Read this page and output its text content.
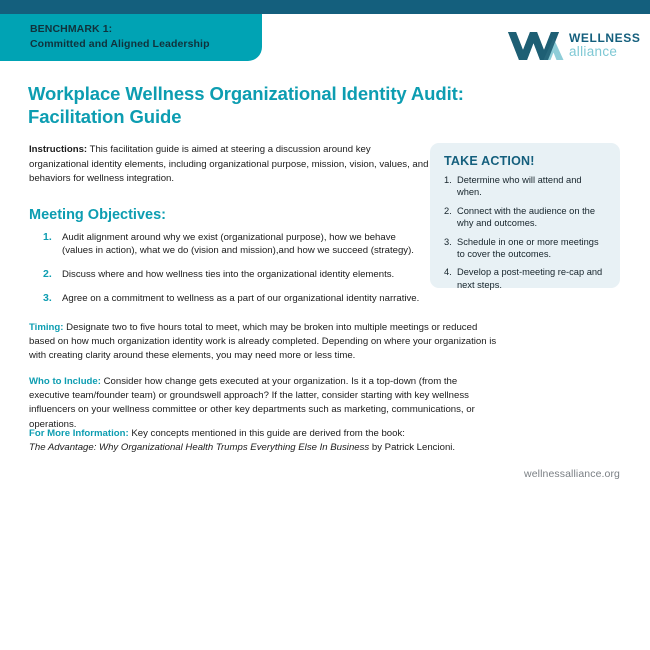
BENCHMARK 1:
Committed and Aligned Leadership	WELLNESS
alliance
Workplace Wellness Organizational Identity Audit: Facilitation Guide
Instructions: This facilitation guide is aimed at steering a discussion around key organizational identity elements, including organizational purpose, mission, vision, values, and behaviors for wellness integration.
Meeting Objectives:
1. Audit alignment around why we exist (organizational purpose), how we behave (values in action), what we do (vision and mission),and how we succeed (strategy).
2. Discuss where and how wellness ties into the organizational identity elements.
3. Agree on a commitment to wellness as a part of our organizational identity narrative.
TAKE ACTION!
1. Determine who will attend and when.
2. Connect with the audience on the why and outcomes.
3. Schedule in one or more meetings to cover the outcomes.
4. Develop a post-meeting re-cap and next steps.
Timing: Designate two to five hours total to meet, which may be broken into multiple meetings or reduced based on how much organization identity work is already completed. Depending on where your organization is with creating clarity around these elements, you may need more or less time.
Who to Include: Consider how change gets executed at your organization. Is it a top-down (from the executive team/founder team) or groundswell approach? If the latter, consider starting with key wellness influencers on your wellness committee or other key departments such as marketing, communications, or operations.
For More Information: Key concepts mentioned in this guide are derived from the book:
The Advantage: Why Organizational Health Trumps Everything Else In Business by Patrick Lencioni.
wellnessalliance.org
